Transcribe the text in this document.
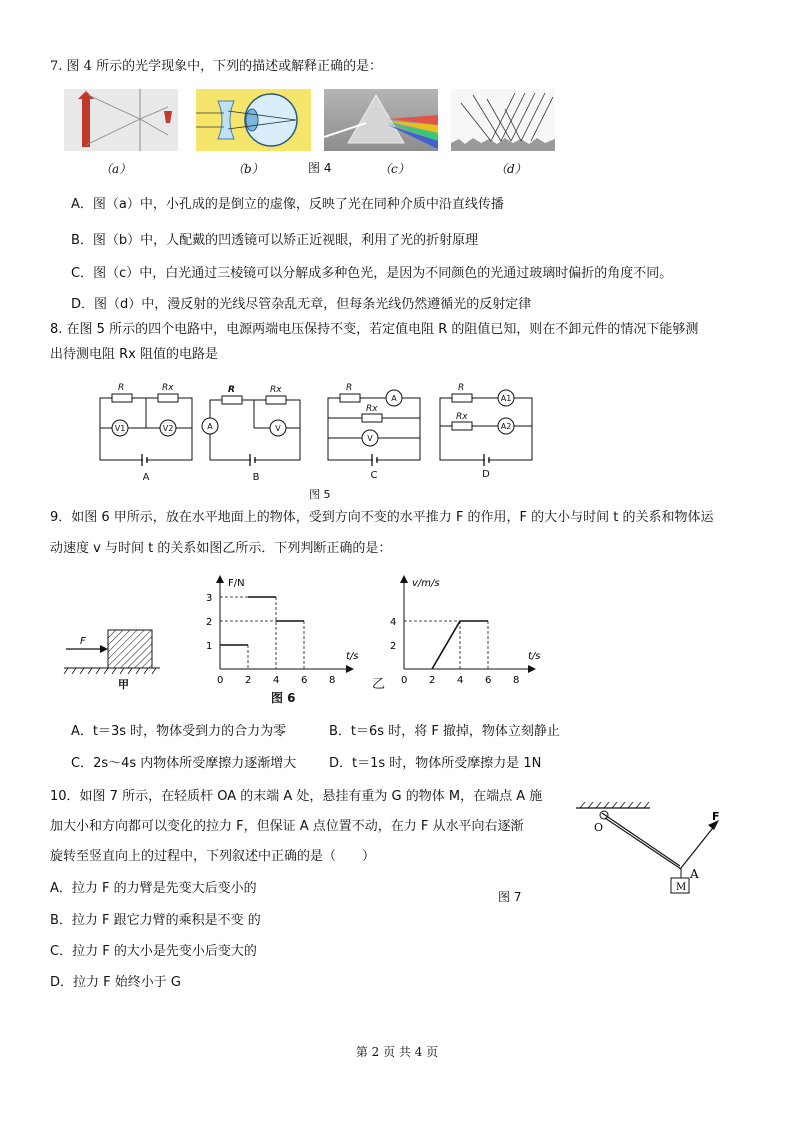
7. 图 4 所示的光学现象中，下列的描述或解释正确的是：
（a）	（b）	图 4	（c）	（d）
A．图（a）中，小孔成的是倒立的虚像，反映了光在同种介质中沿直线传播
B．图（b）中，人配戴的凹透镜可以矫正近视眼，利用了光的折射原理
C．图（c）中，白光通过三棱镜可以分解成多种色光，是因为不同颜色的光通过玻璃时偏折的角度不同。
D．图（d）中，漫反射的光线尽管杂乱无章，但每条光线仍然遵循光的反射定律
8. 在图 5 所示的四个电路中，电源两端电压保持不变，若定值电阻 R 的阻值已知，则在不卸元件的情况下能够测
出待测电阻 Rx 阻值的电路是
R	Rx	R	Rx	R
Rx
R
Rx
V1	V2	A	V
A
V
A1
A2
A	B	C	D
图 5
9．如图 6 甲所示，放在水平地面上的物体，受到方向不变的水平推力 F 的作用，F 的大小与时间 t 的关系和物体运
动速度 v 与时间 t 的关系如图乙所示．下列判断正确的是：
F
甲	0 2 4 6 8
1
2
3
F/N
t/s
乙
图 6
0 2 4 6 8
2
4
v/m/s
t/s
A．t＝3s 时，物体受到力的合力为零	B．t＝6s 时，将 F 撤掉，物体立刻静止
C．2s～4s 内物体所受摩擦力逐渐增大	D．t＝1s 时，物体所受摩擦力是 1N
10．如图 7 所示，在轻质杆 OA 的末端 A 处，悬挂有重为 G 的物体 M，在端点 A 施
加大小和方向都可以变化的拉力 F，但保证 A 点位置不动，在力 F 从水平向右逐渐
旋转至竖直向上的过程中，下列叙述中正确的是（　　）
A．拉力 F 的力臂是先变大后变小的
B．拉力 F 跟它力臂的乘积是不变 的
C．拉力 F 的大小是先变小后变大的
D．拉力 F 始终小于 G
O
A
F
M
图 7
第 2 页 共 4 页
